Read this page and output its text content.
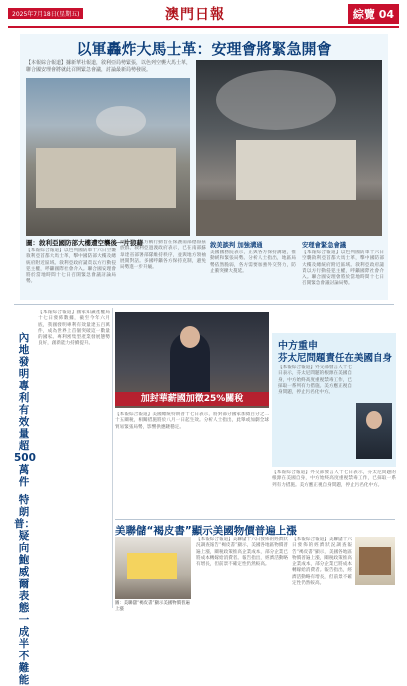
2025年7月18日(星期五)	澳門日報	綜覽 04
以軍轟炸大馬士革：安理會將緊急開會
【本報綜合報道】據新華社報道，敘利亞局勢緊張，以色列空襲大馬士革，聯合國安理會將就此召開緊急會議，討論最新局勢發展。
圖：敘利亞國防部大樓遭空襲後一片狼藉
【本報綜合報道】以色列國防軍十六日空襲敘利亞首都大馬士革，擊中國防部大樓及總統府附近區域。敘利亞政府譴責以方行動侵犯主權，呼籲國際社會介入。聯合國安理會將於當地時間十七日召開緊急會議討論局勢。
據報道，以方稱行動旨在保護南部德魯茲族群。敘利亞過渡政府表示，已在南部蘇韋達省部署部隊維持秩序，並與地方領袖展開對話。多國呼籲各方保持克制，避免局勢進一步升級。
敘美談判 加強溝通
美國國務院表示，正與各方保持溝通，推動緩和緊張局勢。分析人士指出，地區局勢依然脆弱，各方需要加強外交努力，防止衝突擴大蔓延。
安理會緊急會議
【本報綜合報道】以色列國防軍十六日空襲敘利亞首都大馬士革，擊中國防部大樓及總統府附近區域。敘利亞政府譴責以方行動侵犯主權，呼籲國際社會介入。聯合國安理會將於當地時間十七日召開緊急會議討論局勢。
內地發明專利有效量超500萬件
特朗普：疑向鮑威爾表態一成半不難能
【本報綜合報道】國家知識產權局十七日發佈數據，截至今年六月底，我國發明專利有效量達五百萬件，成為世界上首個突破這一數量的國家。專利密集型產業發展態勢良好，創新能力持續提升。
加封華薪國加徵25%關稅
【本報綜合報道】美國總統特朗普十七日表示，將對部分國家加徵百分之二十五關稅，相關措施將於八月一日起生效。分析人士指出，此舉或加劇全球貿易緊張局勢，影響供應鏈穩定。
中方重申
芬太尼問題責任在美國自身
【本報綜合報道】外交部發言人十七日表示，芬太尼問題的根源在美國自身，中方始終高度重視禁毒工作，已採取一系列有力措施。美方應正視自身問題，停止污名化中方。
【本報綜合報道】外交部發言人十七日表示，芬太尼問題的根源在美國自身，中方始終高度重視禁毒工作，已採取一系列有力措施。美方應正視自身問題，停止污名化中方。
美聯儲“褐皮書”顯示美國物價普遍上漲
圖：美聯儲“褐皮書”顯示美國物價普遍上漲
【本報綜合報道】美聯儲十六日發佈的經濟狀況調查報告“褐皮書”顯示，美國各地區物價普遍上漲，關稅政策推高企業成本，部分企業已將成本轉嫁給消費者。報告指出，經濟活動略有增長，但前景不確定性仍然較高。
【本報綜合報道】美聯儲十六日發佈的經濟狀況調查報告“褐皮書”顯示，美國各地區物價普遍上漲，關稅政策推高企業成本，部分企業已將成本轉嫁給消費者。報告指出，經濟活動略有增長，但前景不確定性仍然較高。
